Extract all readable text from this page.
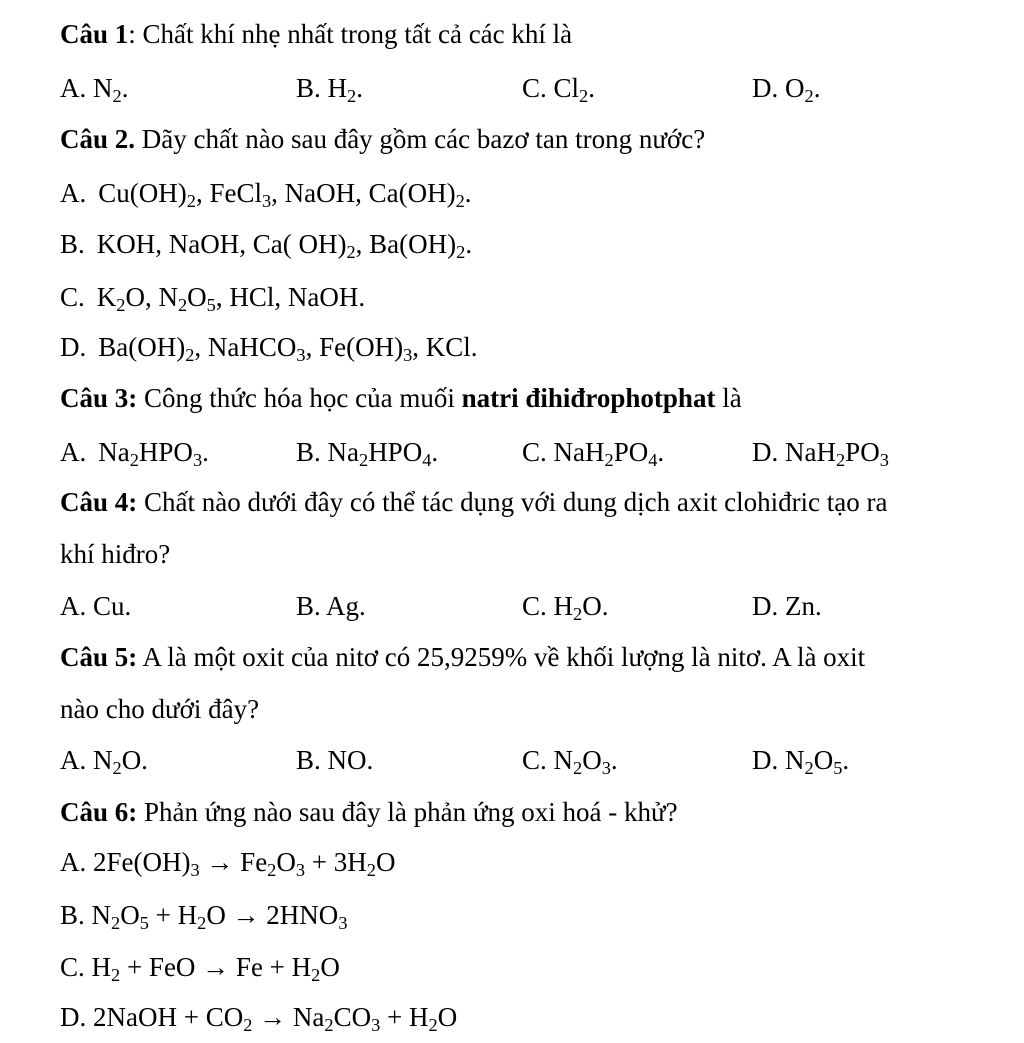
Câu 1: Chất khí nhẹ nhất trong tất cả các khí là
A. $N_2$.	B. $H_2$.	C. $Cl_2$.	D. $O_2$.
Câu 2. Dãy chất nào sau đây gồm các bazơ tan trong nước?
A. $Cu(OH)_2$, FeCl$_3$, NaOH, $Ca(OH)_2$.
B. KOH, NaOH, Ca( $OH)_2$, $Ba(OH)_2$.
C. $K_2O$, $N_2O_5$, HCl, NaOH.
D. $Ba(OH)_2$, NaHCO$_3$, $Fe(OH)_3$, KCl.
Câu 3: Công thức hóa học của muối natri đihiđrophotphat là
A. $Na_2HPO_3$.	B. $Na_2HPO_4$.	C. $NaH_2PO_4$.	D. $NaH_2PO_3$
Câu 4: Chất nào dưới đây có thể tác dụng với dung dịch axit clohiđric tạo ra
khí hiđro?
A. Cu.	B. Ag.	C. $H_2O$.	D. Zn.
Câu 5: A là một oxit của nitơ có 25,9259% về khối lượng là nitơ. A là oxit
nào cho dưới đây?
A. $N_2O$.	B. NO.	C. $N_2O_3$.	D. $N_2O_5$.
Câu 6: Phản ứng nào sau đây là phản ứng oxi hoá - khử?
A. $2Fe(OH)_3 \to Fe_2O_3 + 3H_2O$
B. $N_2O_5 + H_2O \to 2HNO_3$
C. $H_2$ + FeO → $Fe + H_2O$
D. 2NaOH + $CO_2 \to Na_2CO_3 + H_2O$
